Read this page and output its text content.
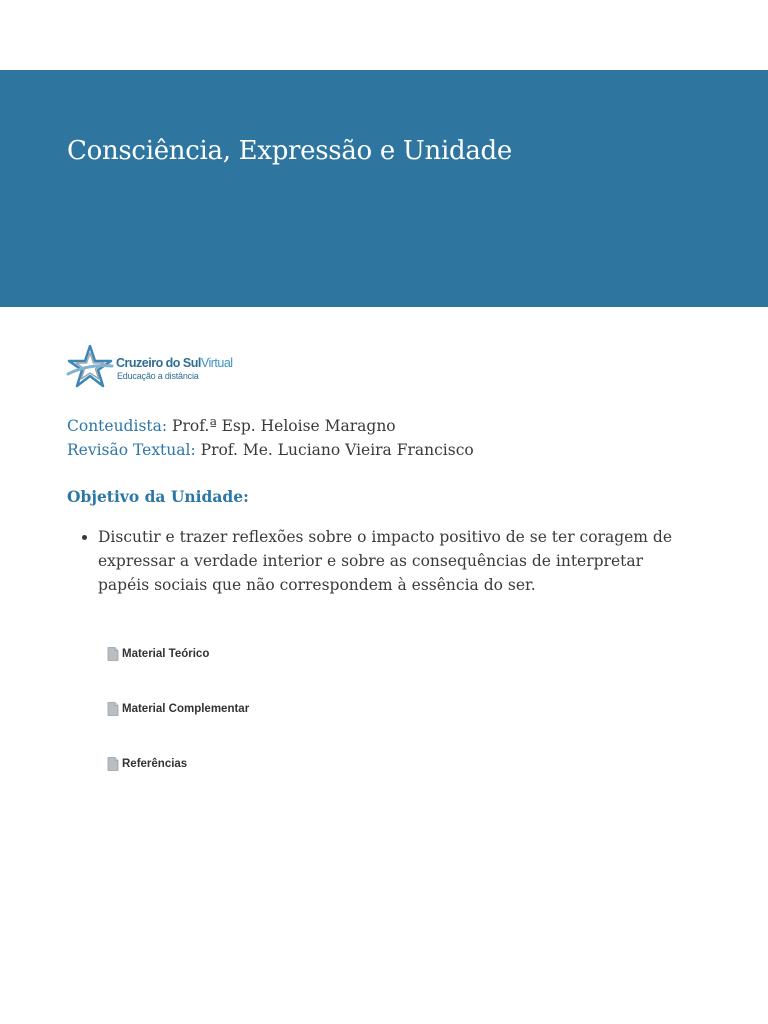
Consciência, Expressão e Unidade
Cruzeiro do SulVirtual
Educação a distância
Conteudista: Prof.ª Esp. Heloise Maragno
Revisão Textual: Prof. Me. Luciano Vieira Francisco
Objetivo da Unidade:
• Discutir e trazer reflexões sobre o impacto positivo de se ter coragem de expressar a verdade interior e sobre as consequências de interpretar papéis sociais que não correspondem à essência do ser.
Material Teórico
Material Complementar
Referências
